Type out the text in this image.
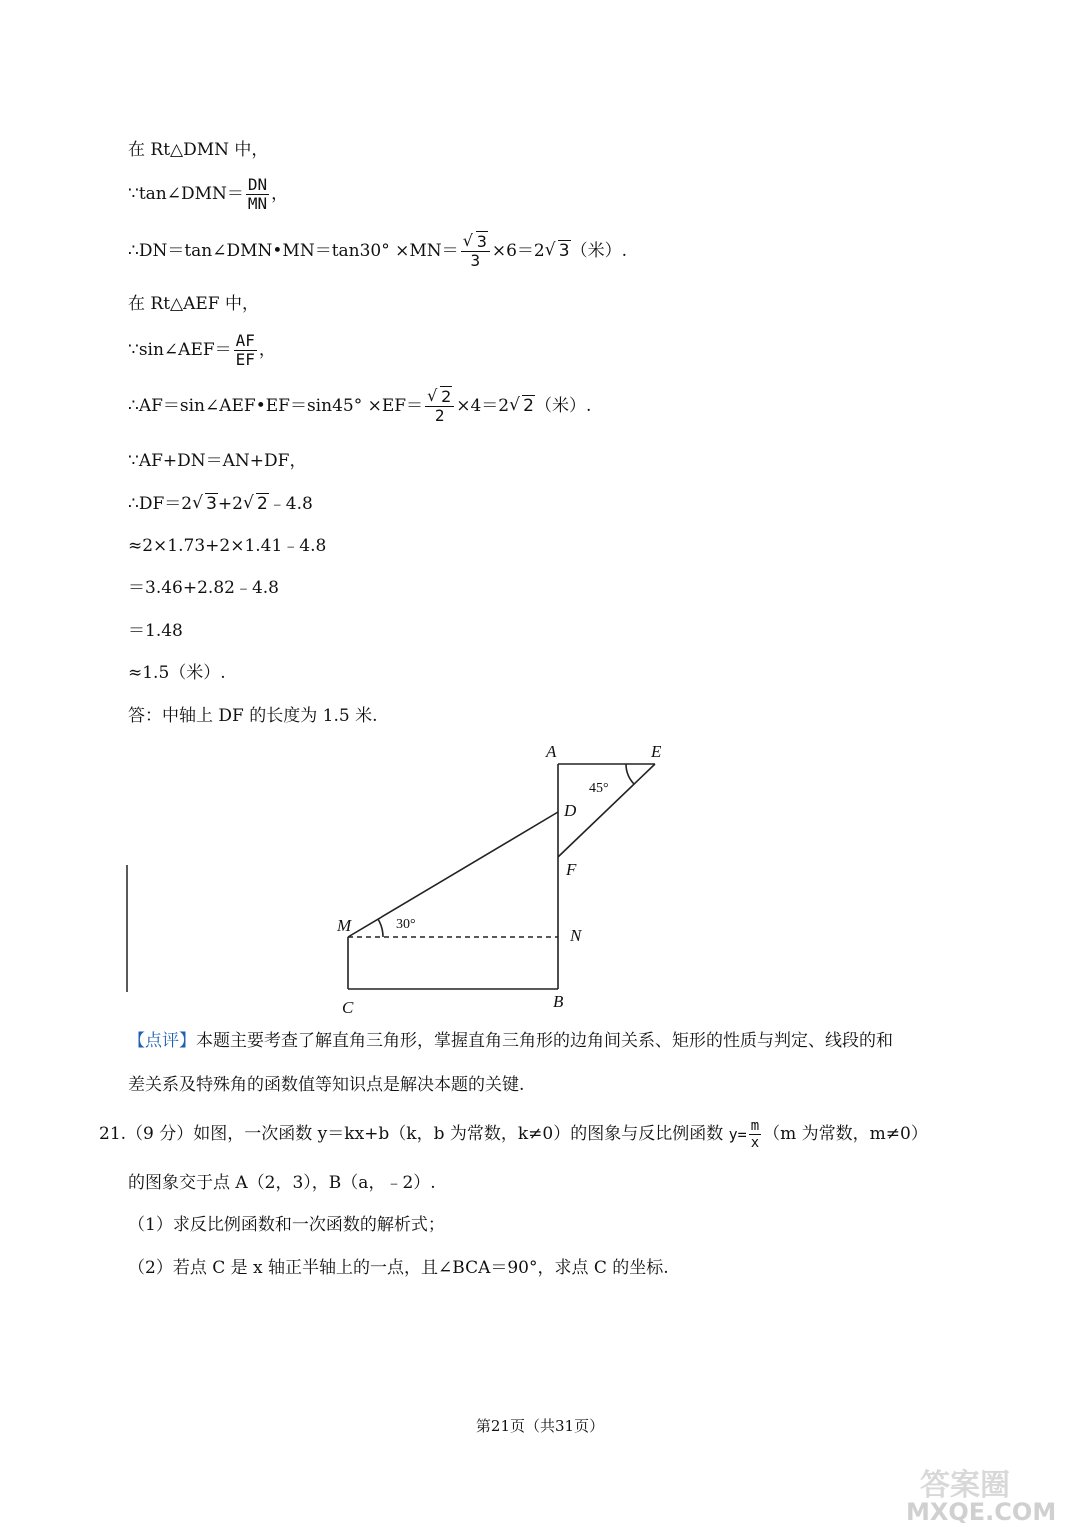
在 Rt△DMN 中，
∵tan∠DMN＝ $\frac{DN}{MN}$ ，
∴DN＝tan∠DMN•MN＝tan30° $\times MN= \frac{√ 3}{3} \times 6=2$ √ 3（米）.
在 Rt△AEF 中，
∵sin∠AEF＝ $\frac{AF}{EF}$ ，
∴AF＝sin∠AEF•EF＝sin45° $\times EF= \frac{√ 2}{2} \times 4=2$ √ 2（米）.
∵AF+DN＝AN+DF，
∴DF＝2 √ 3+2 √ 2﹣4.8
≈2×1.73+2×1.41﹣4.8
＝3.46+2.82﹣4.8
＝1.48
≈1.5（米）.
答：中轴上 DF 的长度为 1.5 米.
A	E
D
F
M
N
C	B
45°
30°
【点评】本题主要考查了解直角三角形，掌握直角三角形的边角间关系、矩形的性质与判定、线段的和
差关系及特殊角的函数值等知识点是解决本题的关键.
21.（9 分）如图，一次函数 y＝kx+b（k，b 为常数，k≠0）的图象与反比例函数 $y= \frac{m}{x} (m$ 为常数，m≠0）
的图象交于点 A（2，3），B（a，﹣2）.
（1）求反比例函数和一次函数的解析式；
（2）若点 C 是 x 轴正半轴上的一点，且∠BCA＝90°，求点 C 的坐标.
第21页（共31页）
答案圈
MXQE.COM
